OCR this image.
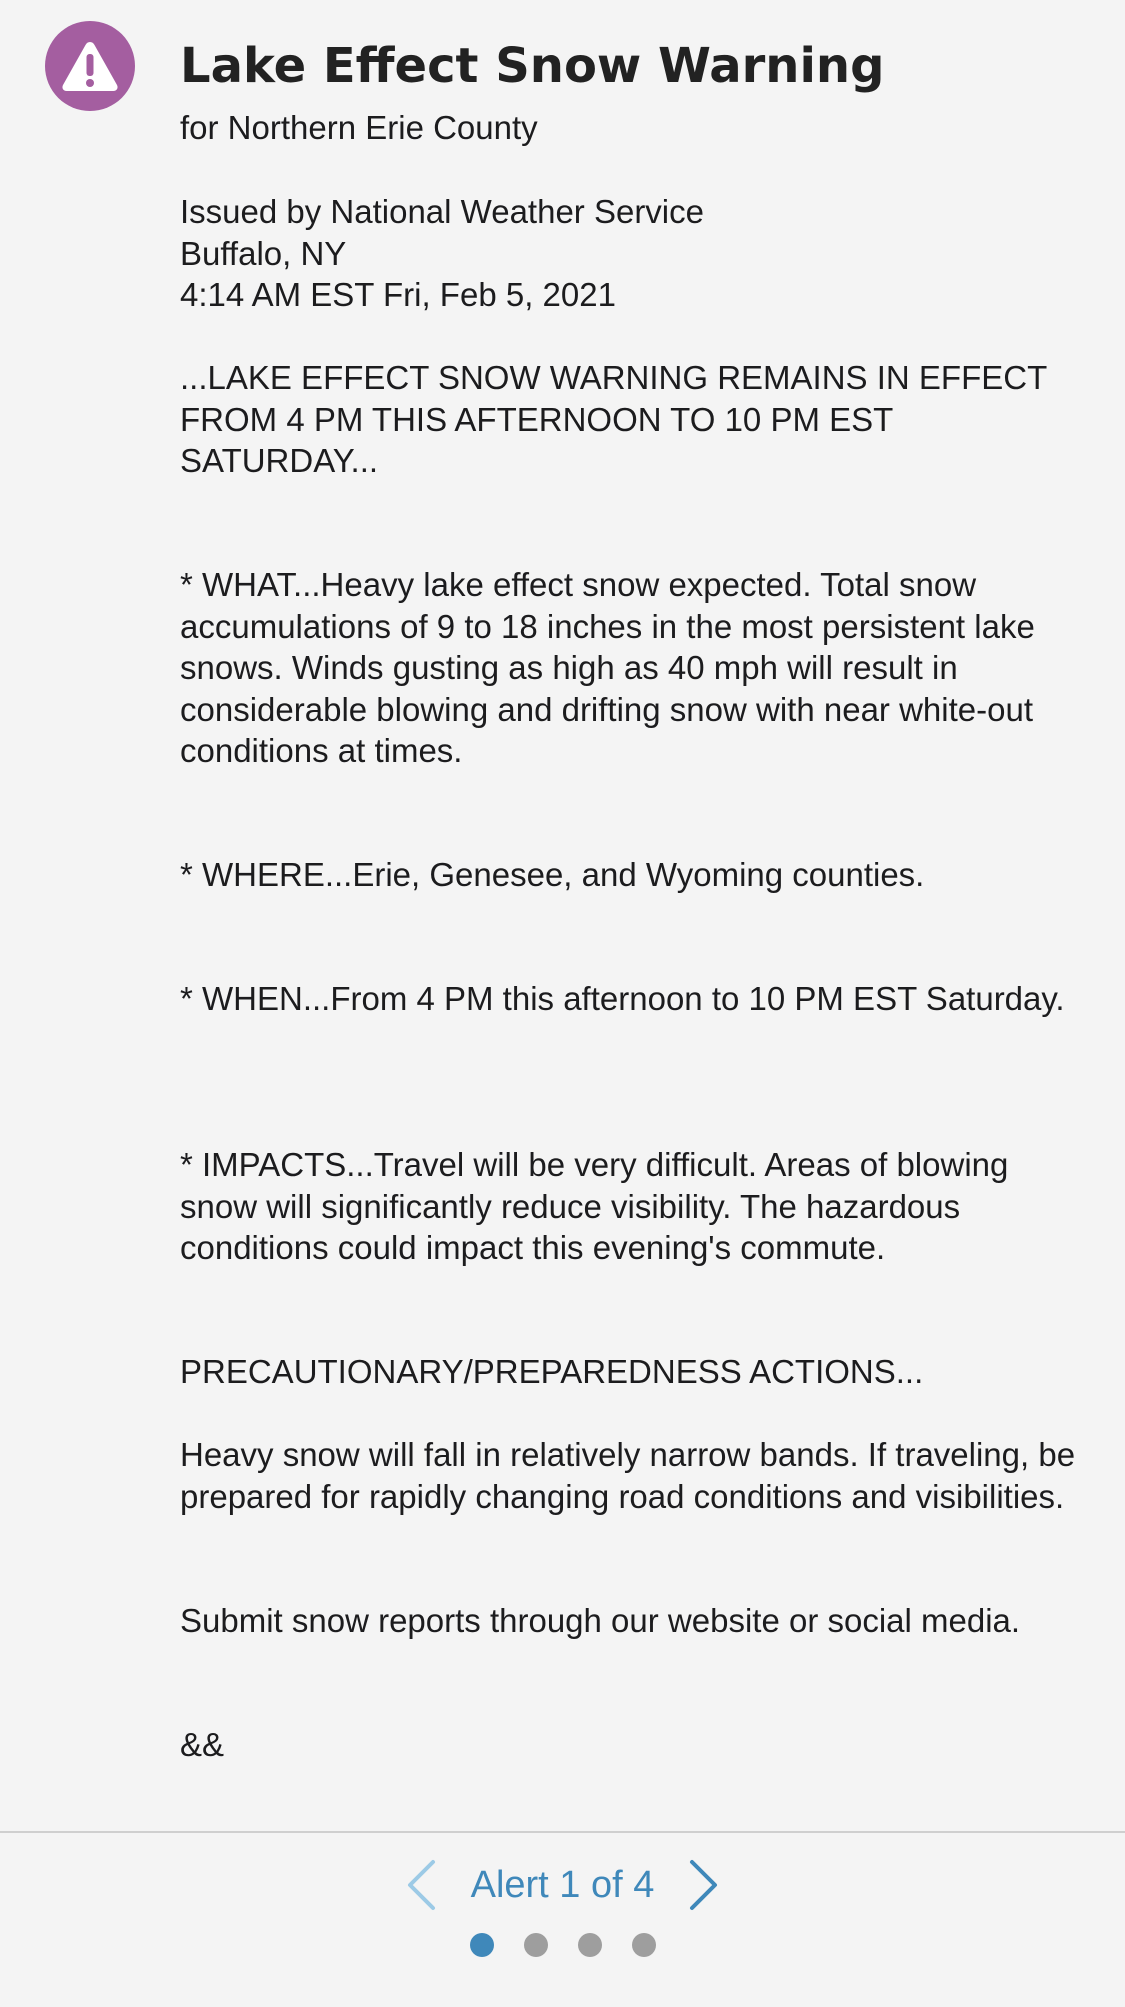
Lake Effect Snow Warning
for Northern Erie County

Issued by National Weather Service

Buffalo, NY

4:14 AM EST Fri, Feb 5, 2021

...LAKE EFFECT SNOW WARNING REMAINS IN EFFECT FROM 4 PM THIS AFTERNOON TO 10 PM EST SATURDAY...

* WHAT...Heavy lake effect snow expected. Total snow accumulations of 9 to 18 inches in the most persistent lake snows. Winds gusting as high as 40 mph will result in considerable blowing and drifting snow with near white-out conditions at times.

* WHERE...Erie, Genesee, and Wyoming counties.

* WHEN...From 4 PM this afternoon to 10 PM EST Saturday.

* IMPACTS...Travel will be very difficult. Areas of blowing snow will significantly reduce visibility. The hazardous conditions could impact this evening's commute.

PRECAUTIONARY/PREPAREDNESS ACTIONS...

Heavy snow will fall in relatively narrow bands. If traveling, be prepared for rapidly changing road conditions and visibilities.

Submit snow reports through our website or social media.

&&

Alert 1 of 4
